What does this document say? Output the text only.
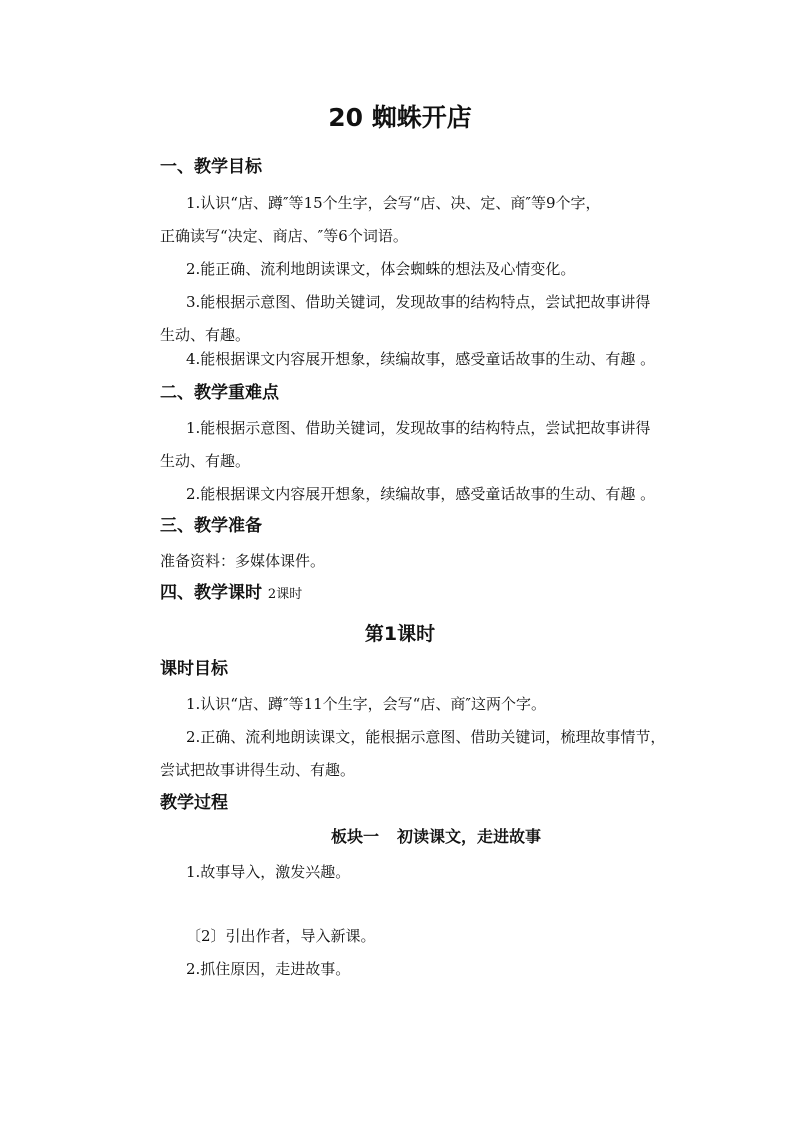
20 蜘蛛开店
一、教学目标
1.认识“店、蹲″等15个生字，会写“店、决、定、商″等9个字，
正确读写“决定、商店、″等6个词语。
2.能正确、流利地朗读课文，体会蜘蛛的想法及心情变化。
3.能根据示意图、借助关键词，发现故事的结构特点，尝试把故事讲得
生动、有趣。
4.能根据课文内容展开想象，续编故事，感受童话故事的生动、有趣 。
二、教学重难点
1.能根据示意图、借助关键词，发现故事的结构特点，尝试把故事讲得
生动、有趣。
2.能根据课文内容展开想象，续编故事，感受童话故事的生动、有趣 。
三、教学准备
准备资料：多媒体课件。
四、教学课时 2课时
第1课时
课时目标
1.认识“店、蹲″等11个生字，会写“店、商″这两个字。
2.正确、流利地朗读课文，能根据示意图、借助关键词，梳理故事情节，
尝试把故事讲得生动、有趣。
教学过程
板块一 初读课文，走进故事
1.故事导入，激发兴趣。
〔2〕引出作者，导入新课。
2.抓住原因，走进故事。
